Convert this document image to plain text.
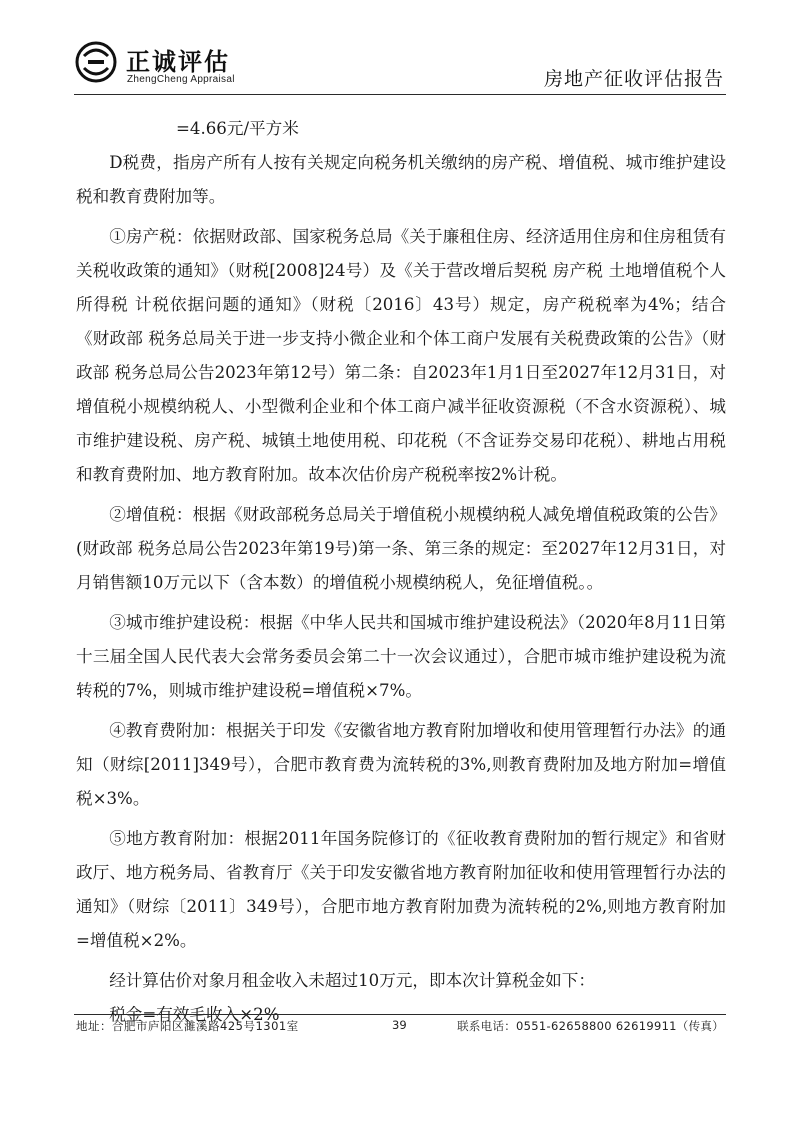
正诚评估
ZhengCheng Appraisal	房地产征收评估报告

=4.66元/平方米

D税费，指房产所有人按有关规定向税务机关缴纳的房产税、增值税、城市维护建设税和教育费附加等。

①房产税：依据财政部、国家税务总局《关于廉租住房、经济适用住房和住房租赁有关税收政策的通知》（财税[2008]24号）及《关于营改增后契税 房产税 土地增值税个人所得税 计税依据问题的通知》（财税〔2016〕43号）规定，房产税税率为4%；结合《财政部 税务总局关于进一步支持小微企业和个体工商户发展有关税费政策的公告》（财政部 税务总局公告2023年第12号）第二条：自2023年1月1日至2027年12月31日，对增值税小规模纳税人、小型微利企业和个体工商户减半征收资源税（不含水资源税）、城市维护建设税、房产税、城镇土地使用税、印花税（不含证券交易印花税）、耕地占用税和教育费附加、地方教育附加。故本次估价房产税税率按2%计税。

②增值税：根据《财政部税务总局关于增值税小规模纳税人减免增值税政策的公告》(财政部 税务总局公告2023年第19号)第一条、第三条的规定：至2027年12月31日，对月销售额10万元以下（含本数）的增值税小规模纳税人，免征增值税。。

③城市维护建设税：根据《中华人民共和国城市维护建设税法》（2020年8月11日第十三届全国人民代表大会常务委员会第二十一次会议通过），合肥市城市维护建设税为流转税的7%，则城市维护建设税=增值税×7%。

④教育费附加：根据关于印发《安徽省地方教育附加增收和使用管理暂行办法》的通知（财综[2011]349号），合肥市教育费为流转税的3%,则教育费附加及地方附加=增值税×3%。

⑤地方教育附加：根据2011年国务院修订的《征收教育费附加的暂行规定》和省财政厅、地方税务局、省教育厅《关于印发安徽省地方教育附加征收和使用管理暂行办法的通知》（财综〔2011〕349号），合肥市地方教育附加费为流转税的2%,则地方教育附加=增值税×2%。

经计算估价对象月租金收入未超过10万元，即本次计算税金如下：

税金=有效毛收入×2%

地址：合肥市庐阳区濉溪路425号1301室	39	联系电话：0551-62658800 62619911（传真）
